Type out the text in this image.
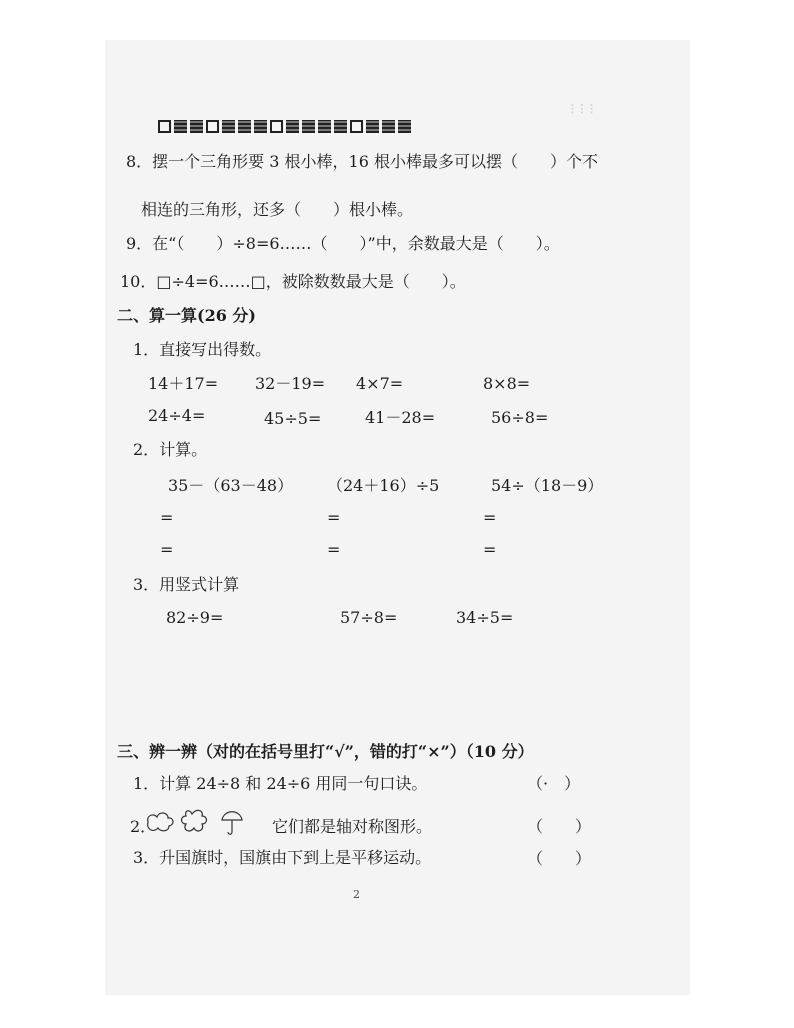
⁝ ⁝ ⁝
8．摆一个三角形要 3 根小棒，16 根小棒最多可以摆（　　）个不
相连的三角形，还多（　　）根小棒。
9．在“（　　）÷8=6……（　　）”中，余数最大是（　　）。
10．□÷4=6……□，被除数数最大是（　　）。
二、算一算(26 分)
1．直接写出得数。
14＋17= 32－19= 4×7=	8×8=
24÷4=	45÷5=	41－28=	56÷8=
2．计算。
35－（63－48） （24＋16）÷5	54÷（18－9）
=	=	=
=	=	=
3．用竖式计算
82÷9=	57÷8=	34÷5=
三、辨一辨（对的在括号里打“√”，错的打“×”）（10 分）
1．计算 24÷8 和 24÷6 用同一句口诀。	（·　）
2．	它们都是轴对称图形。	（　　）
3．升国旗时，国旗由下到上是平移运动。	（　　）
2
